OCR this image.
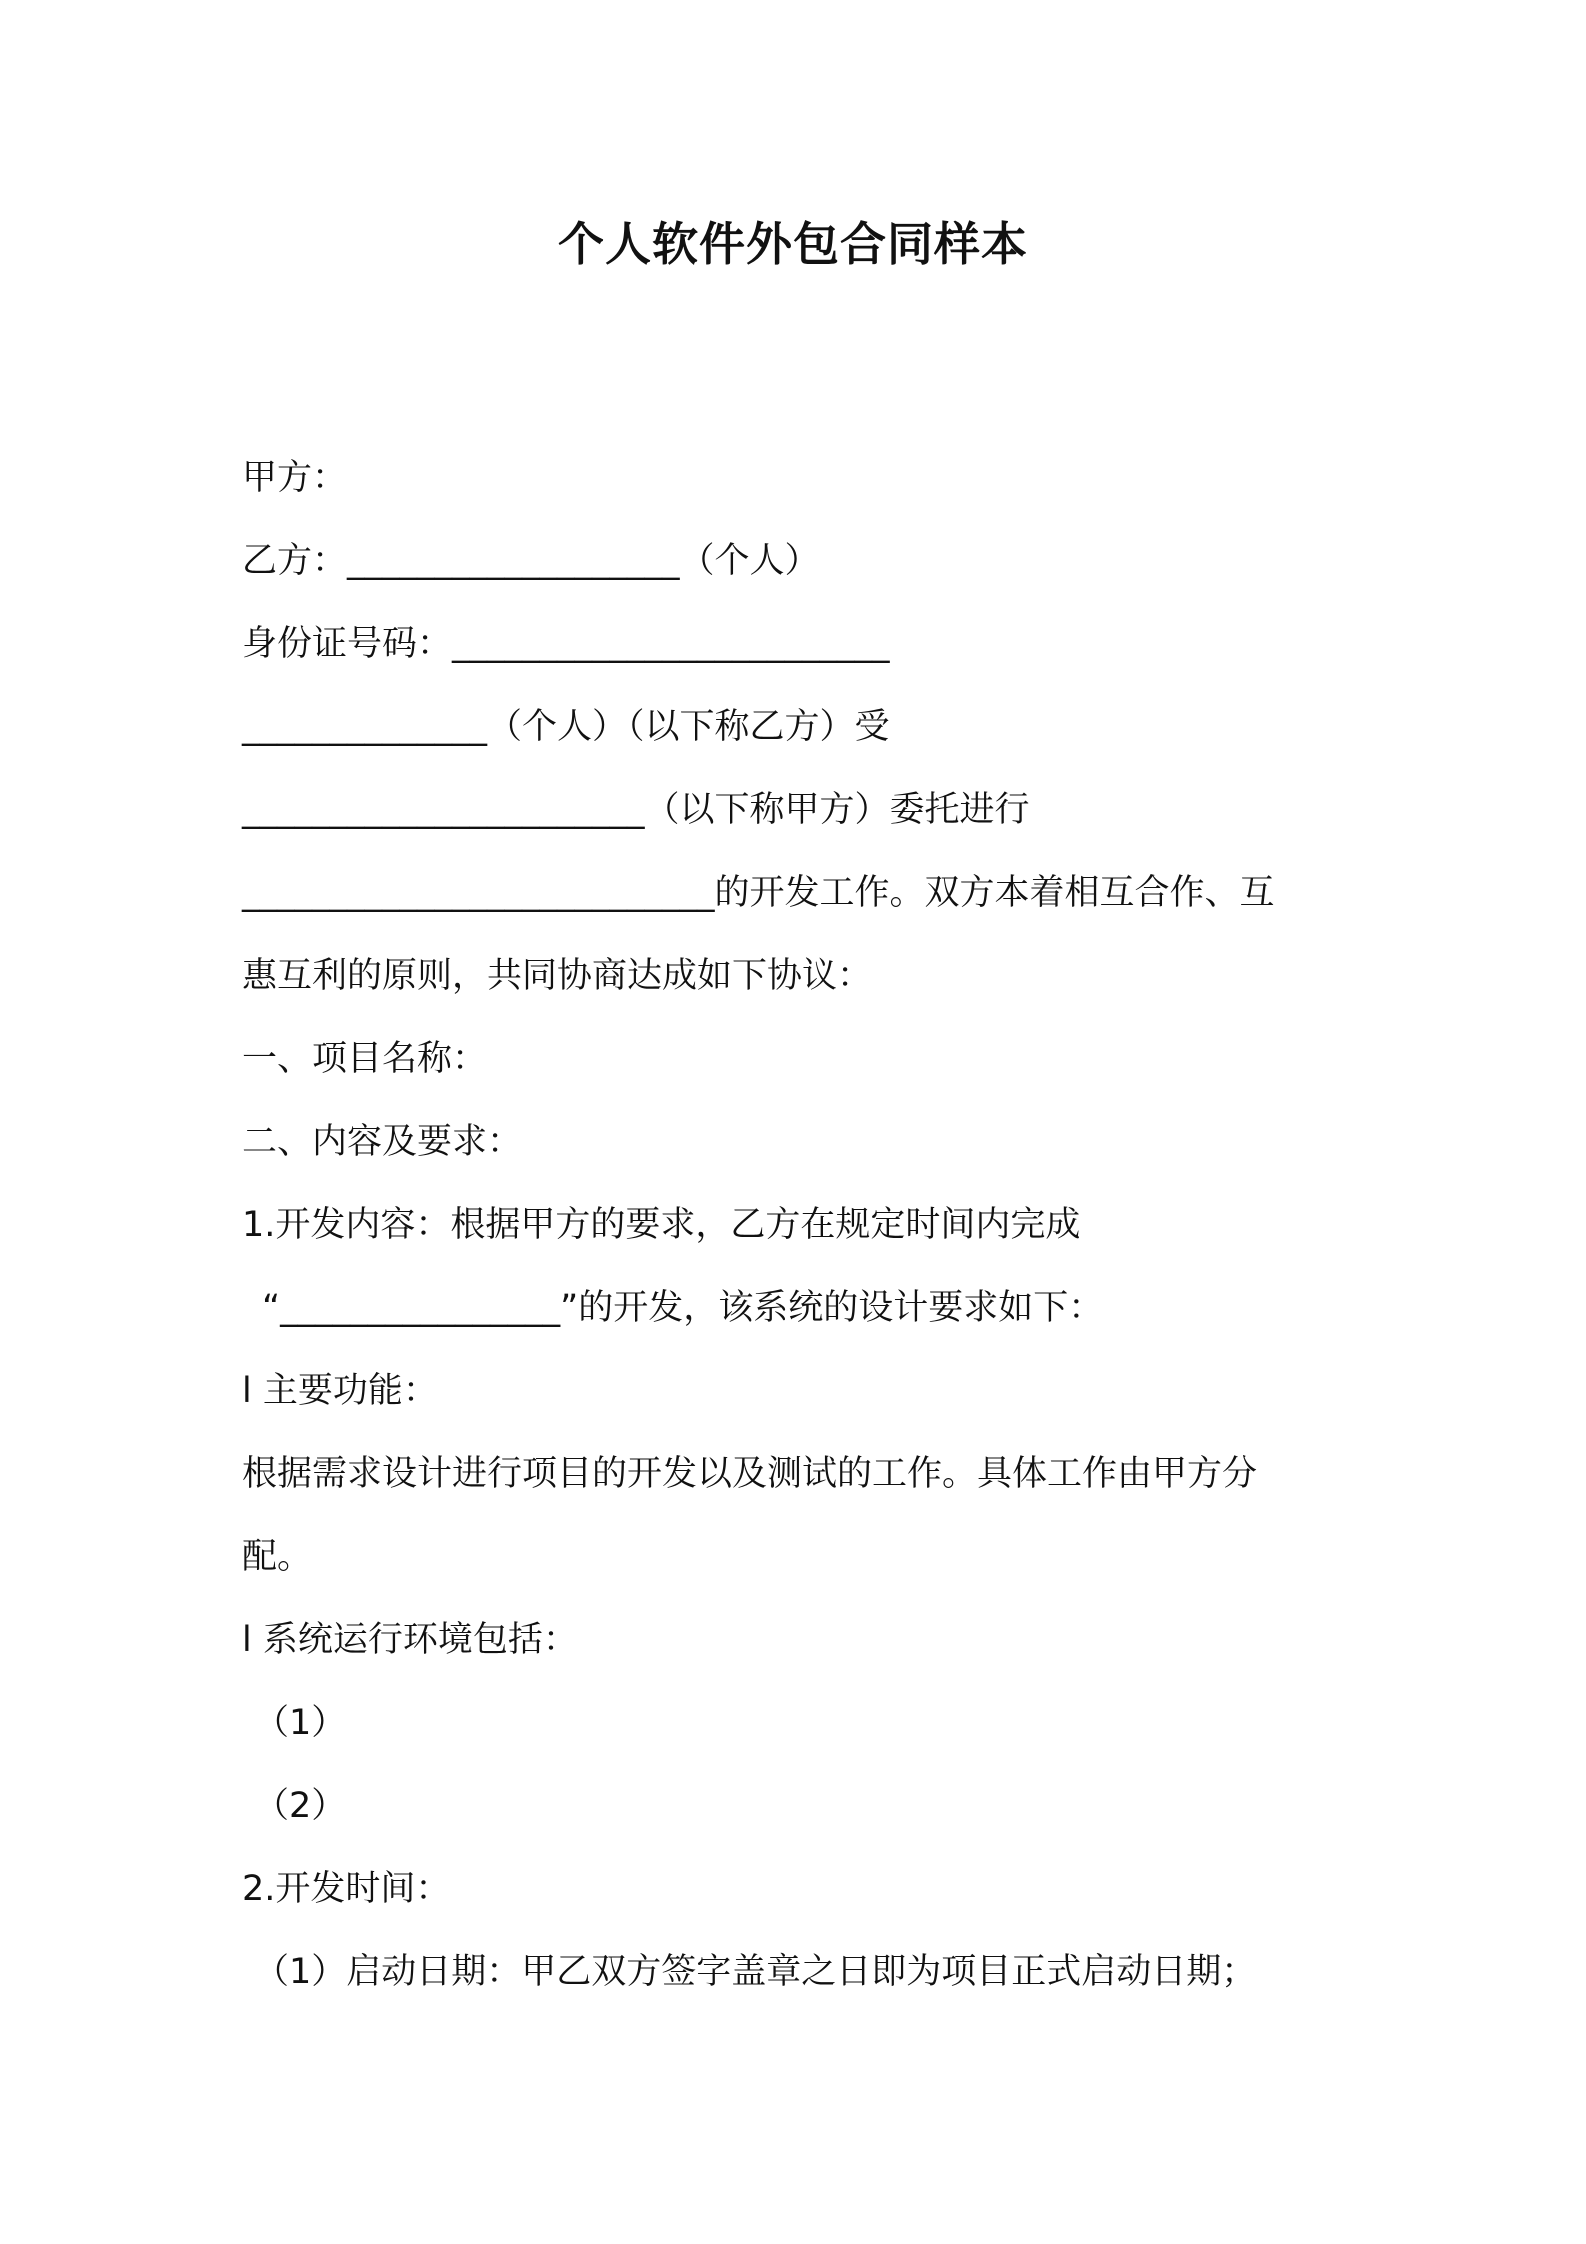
个人软件外包合同样本

甲方：

乙方：___________________（个人）

身份证号码：_________________________

______________（个人）（以下称乙方）受

_______________________（以下称甲方）委托进行

___________________________的开发工作。双方本着相互合作、互

惠互利的原则，共同协商达成如下协议：

一、项目名称：

二、内容及要求：

1.开发内容：根据甲方的要求，乙方在规定时间内完成

“________________”的开发，该系统的设计要求如下：

l 主要功能：

根据需求设计进行项目的开发以及测试的工作。具体工作由甲方分

配。

l 系统运行环境包括：

（1）

（2）

2.开发时间：

（1）启动日期：甲乙双方签字盖章之日即为项目正式启动日期；
